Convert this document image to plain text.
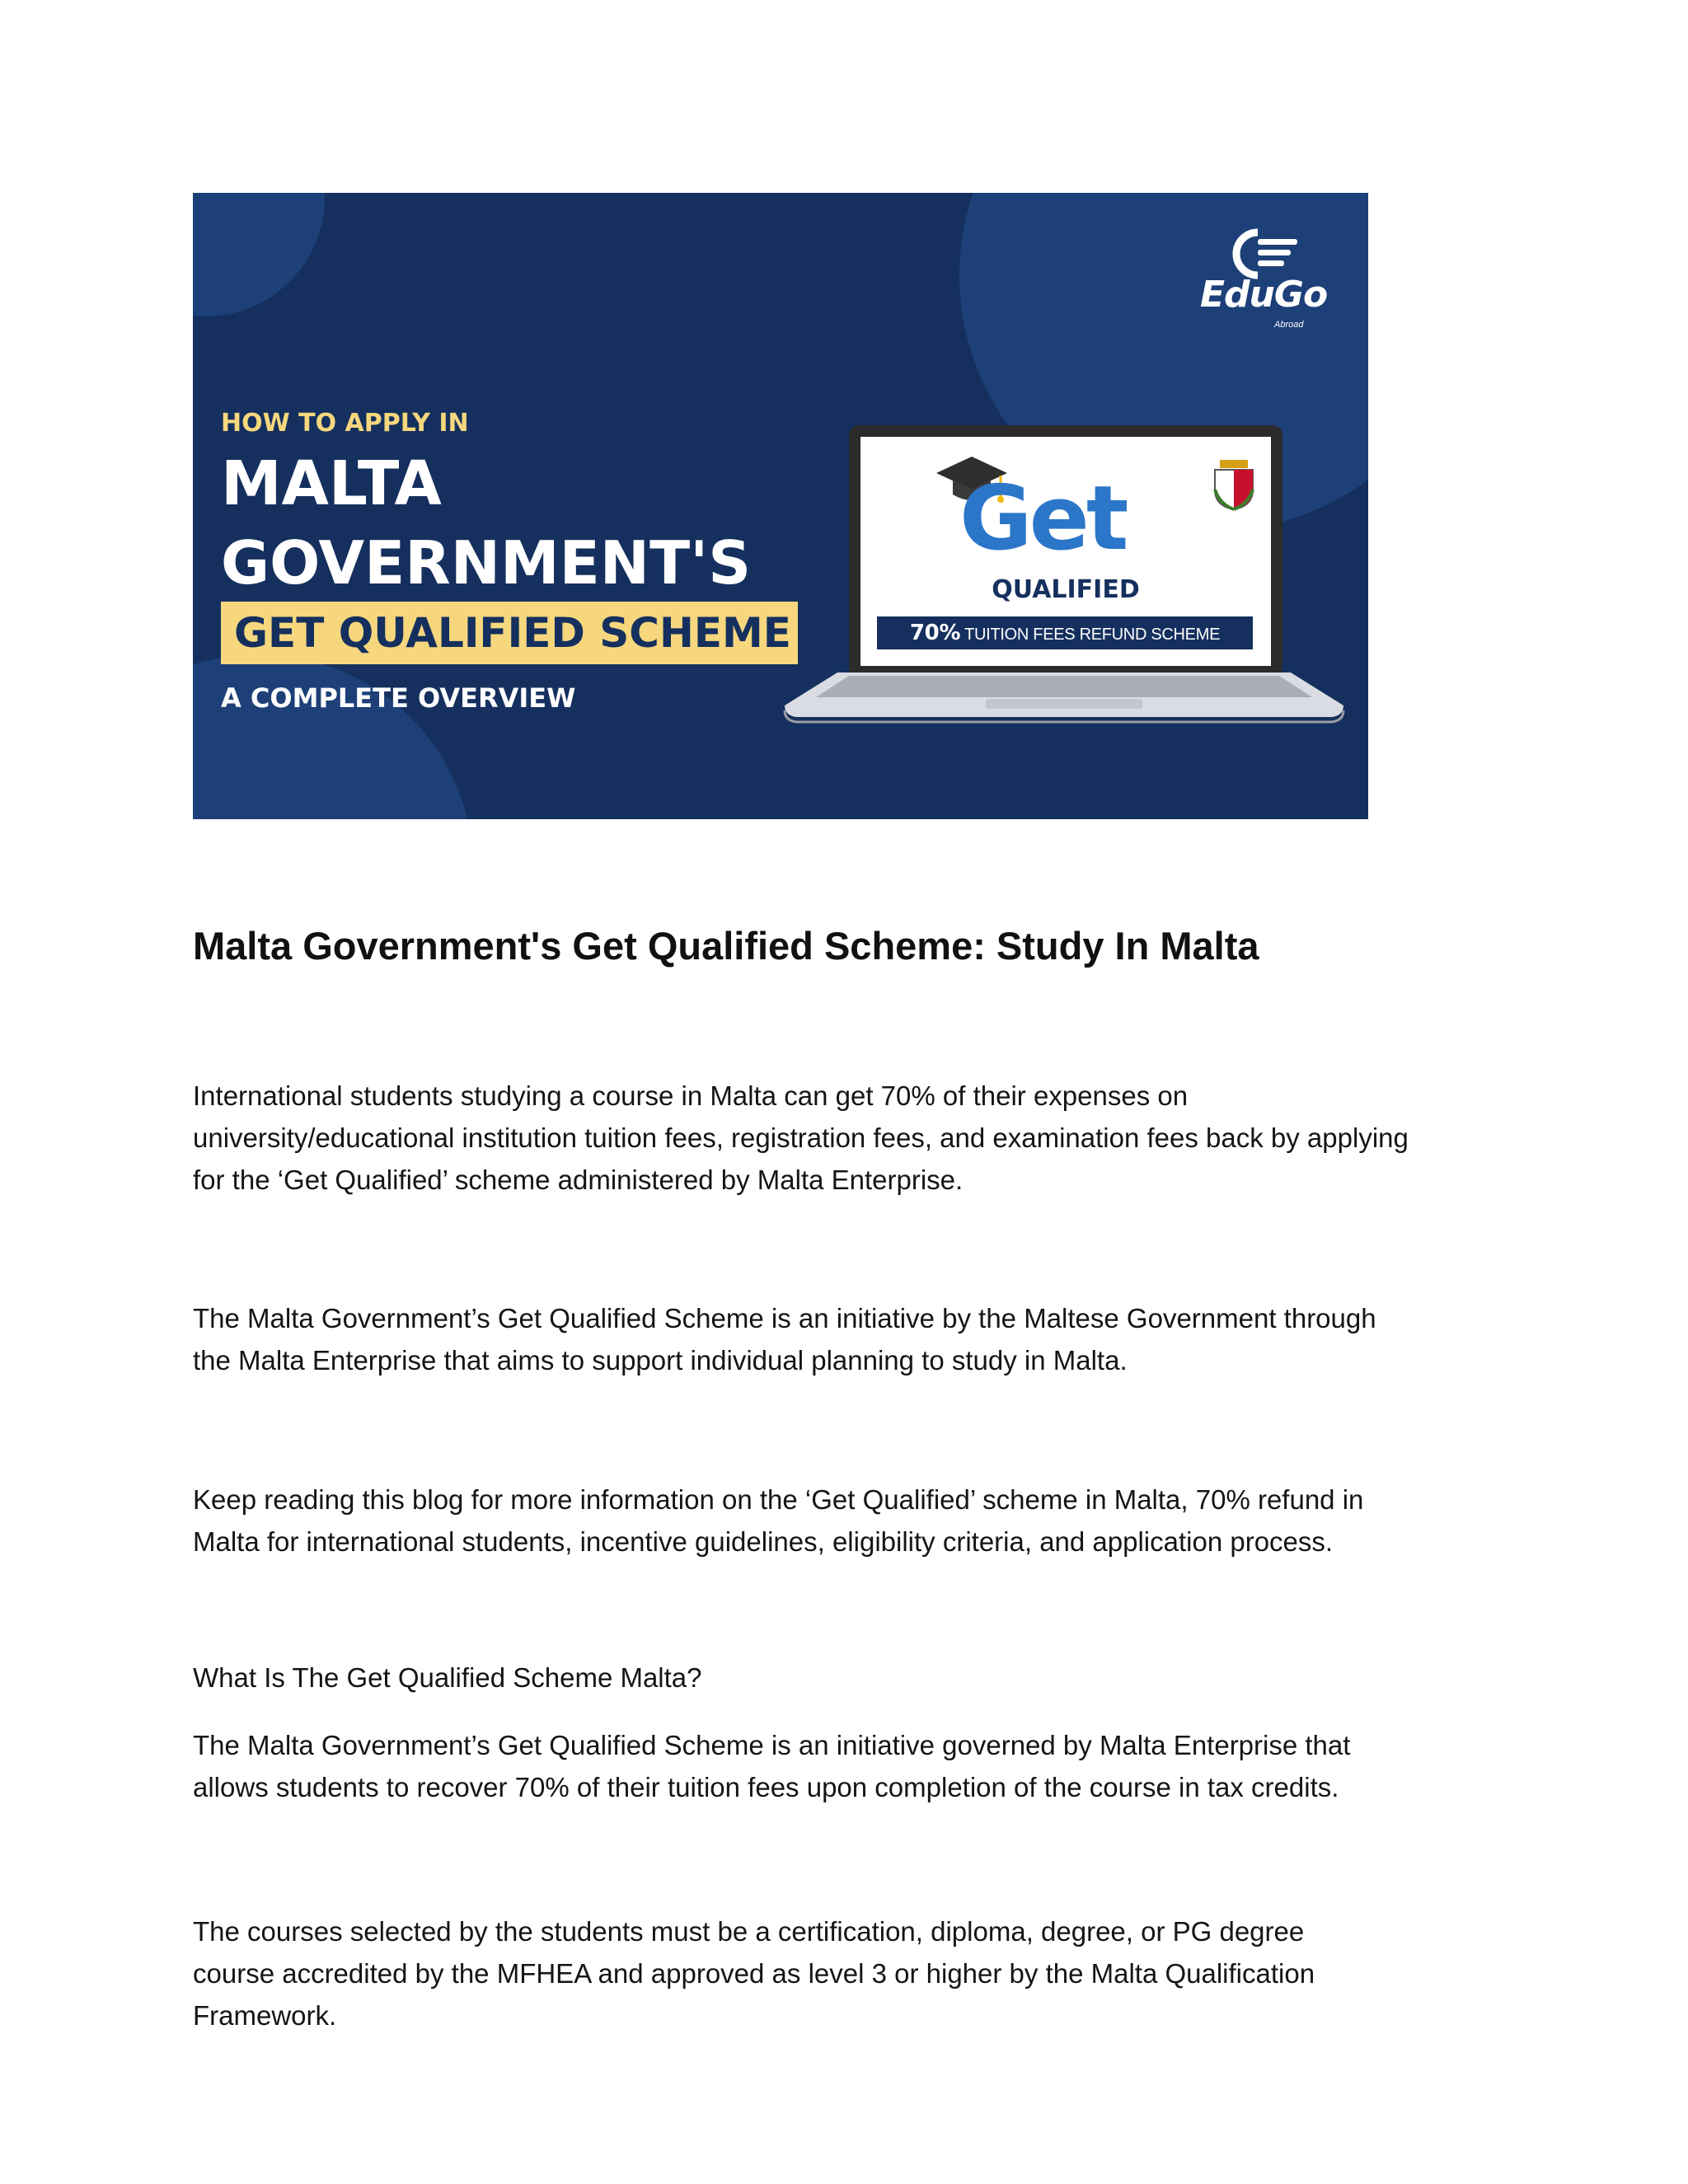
EduGo
Abroad
HOW TO APPLY IN
MALTA
GOVERNMENT'S
GET QUALIFIED SCHEME
A COMPLETE OVERVIEW
Get
QUALIFIED
70% TUITION FEES REFUND SCHEME
Malta Government's Get Qualified Scheme: Study In Malta

International students studying a course in Malta can get 70% of their expenses on
university/educational institution tuition fees, registration fees, and examination fees back by applying
for the ‘Get Qualified’ scheme administered by Malta Enterprise.

The Malta Government’s Get Qualified Scheme is an initiative by the Maltese Government through
the Malta Enterprise that aims to support individual planning to study in Malta.

Keep reading this blog for more information on the ‘Get Qualified’ scheme in Malta, 70% refund in
Malta for international students, incentive guidelines, eligibility criteria, and application process.

What Is The Get Qualified Scheme Malta?

The Malta Government’s Get Qualified Scheme is an initiative governed by Malta Enterprise that
allows students to recover 70% of their tuition fees upon completion of the course in tax credits.

The courses selected by the students must be a certification, diploma, degree, or PG degree
course accredited by the MFHEA and approved as level 3 or higher by the Malta Qualification
Framework.
